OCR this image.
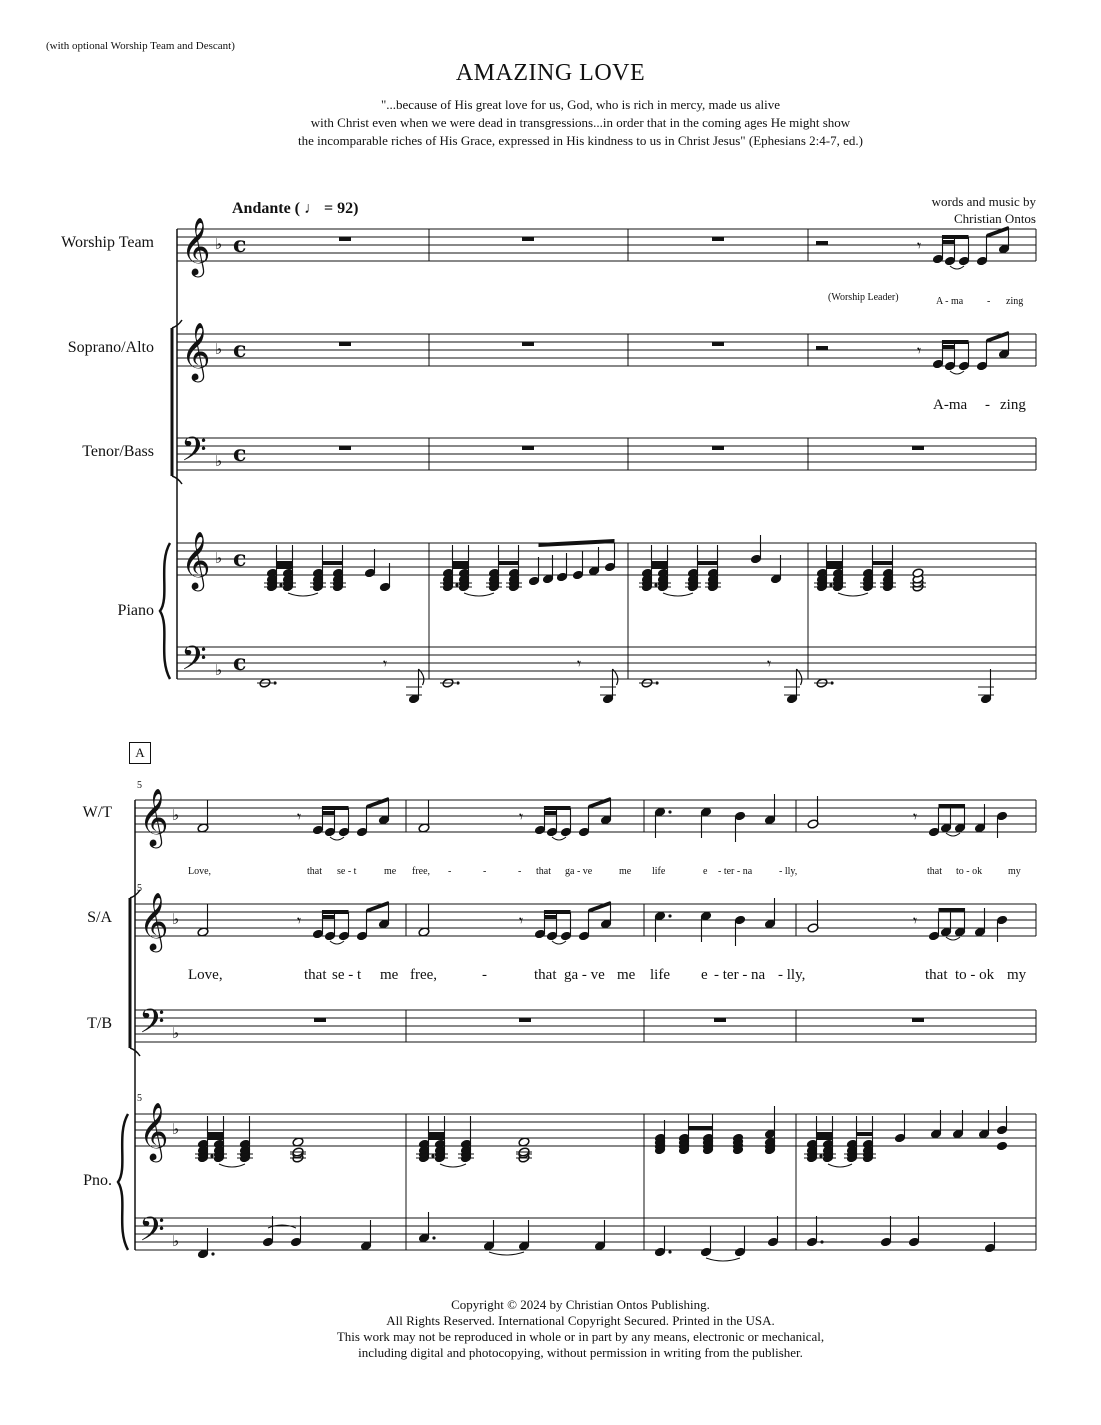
(with optional Worship Team and Descant)
AMAZING LOVE
"...because of His great love for us, God, who is rich in mercy, made us alive
with Christ even when we were dead in transgressions...in order that in the coming ages He might show
the incomparable riches of His Grace, expressed in His kindness to us in Christ Jesus" (Ephesians 2:4-7, ed.)
Andante ( ♩ = 92)	words and music by
Christian Ontos
Worship Team
Soprano/Alto
Tenor/Bass
Piano
(Worship Leader)	A - ma - zing
A-ma - zing
A
5
5
5
W/T
S/A
T/B
Pno.
Love,	that se - t	me free, -	-	- that ga - ve	me life	e - ter - na	- lly,	that to - ok	my
Love,	that se - t me free,	-	that ga - ve me life e - ter - na - lly,	that to - ok my
Copyright © 2024 by Christian Ontos Publishing.
All Rights Reserved. International Copyright Secured. Printed in the USA.
This work may not be reproduced in whole or in part by any means, electronic or mechanical,
including digital and photocopying, without permission in writing from the publisher.
𝄞 ♭ c
𝄞 ♭ c
𝄞 ♭ c
𝄢 ♭ c
𝄢 ♭ c
𝄾
𝄾
𝄾	𝄾	𝄾
𝄞 ♭
𝄞 ♭
𝄞 ♭
𝄢 ♭
𝄢 ♭
𝄾	𝄾	𝄾
𝄾	𝄾	𝄾
